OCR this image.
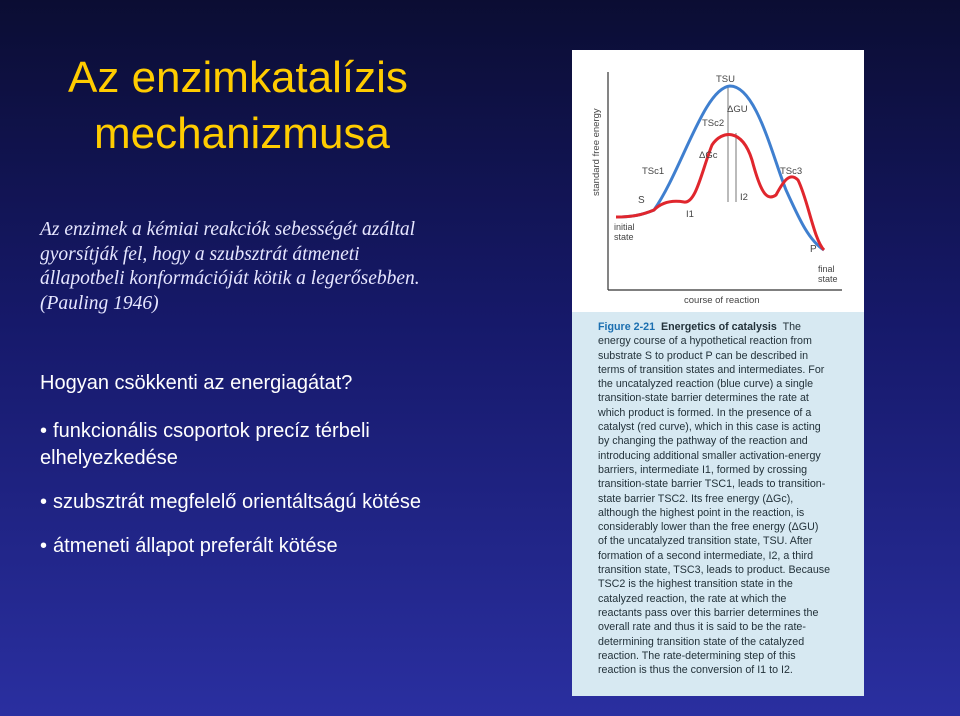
Az enzimkatalízis
mechanizmusa
Az enzimek a kémiai reakciók sebességét azáltal
gyorsítják fel, hogy a szubsztrát átmeneti
állapotbeli konformációját kötik a legerősebben.
(Pauling 1946)
Hogyan csökkenti az energiagátat?
• funkcionális csoportok precíz térbeli
elhelyezkedése
• szubsztrát megfelelő orientáltságú kötése
• átmeneti állapot preferált kötése
standard free energy
course of reaction
TSU
ΔGU
TSc2
ΔGc
TSc1	TSc3
S
I1
I2
P
initial
state
final
state
Figure 2-21 Energetics of catalysis The
energy course of a hypothetical reaction from
substrate S to product P can be described in
terms of transition states and intermediates. For
the uncatalyzed reaction (blue curve) a single
transition-state barrier determines the rate at
which product is formed. In the presence of a
catalyst (red curve), which in this case is acting
by changing the pathway of the reaction and
introducing additional smaller activation-energy
barriers, intermediate I1, formed by crossing
transition-state barrier TSC1, leads to transition-
state barrier TSC2. Its free energy (ΔGc),
although the highest point in the reaction, is
considerably lower than the free energy (ΔGU)
of the uncatalyzed transition state, TSU. After
formation of a second intermediate, I2, a third
transition state, TSC3, leads to product. Because
TSC2 is the highest transition state in the
catalyzed reaction, the rate at which the
reactants pass over this barrier determines the
overall rate and thus it is said to be the rate-
determining transition state of the catalyzed
reaction. The rate-determining step of this
reaction is thus the conversion of I1 to I2.
